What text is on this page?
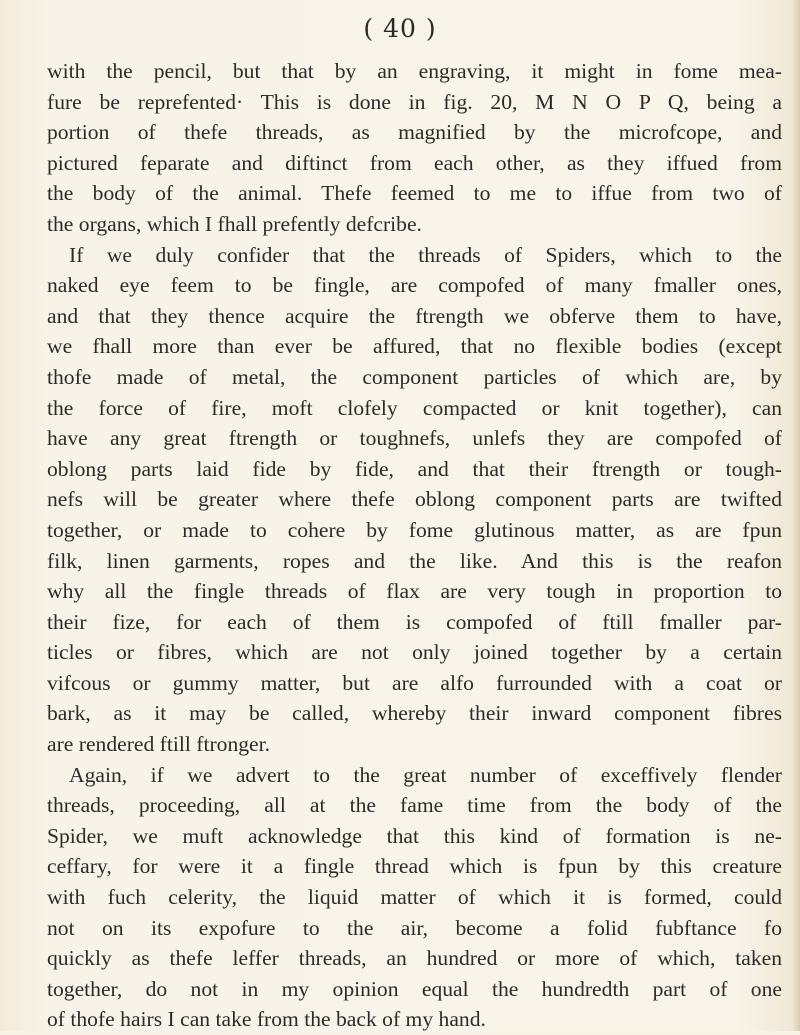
( 40 )
with the pencil, but that by an engraving, it might in fome mea-
fure be reprefented· This is done in fig. 20, M N O P Q, being a
portion of thefe threads, as magnified by the microfcope, and
pictured feparate and diftinct from each other, as they iffued from
the body of the animal. Thefe feemed to me to iffue from two of
the organs, which I fhall prefently defcribe.
If we duly confider that the threads of Spiders, which to the
naked eye feem to be fingle, are compofed of many fmaller ones,
and that they thence acquire the ftrength we obferve them to have,
we fhall more than ever be affured, that no flexible bodies (except
thofe made of metal, the component particles of which are, by
the force of fire, moft clofely compacted or knit together), can
have any great ftrength or toughnefs, unlefs they are compofed of
oblong parts laid fide by fide, and that their ftrength or tough-
nefs will be greater where thefe oblong component parts are twifted
together, or made to cohere by fome glutinous matter, as are fpun
filk, linen garments, ropes and the like. And this is the reafon
why all the fingle threads of flax are very tough in proportion to
their fize, for each of them is compofed of ftill fmaller par-
ticles or fibres, which are not only joined together by a certain
vifcous or gummy matter, but are alfo furrounded with a coat or
bark, as it may be called, whereby their inward component fibres
are rendered ftill ftronger.
Again, if we advert to the great number of exceffively flender
threads, proceeding, all at the fame time from the body of the
Spider, we muft acknowledge that this kind of formation is ne-
ceffary, for were it a fingle thread which is fpun by this creature
with fuch celerity, the liquid matter of which it is formed, could
not on its expofure to the air, become a folid fubftance fo
quickly as thefe leffer threads, an hundred or more of which, taken
together, do not in my opinion equal the hundredth part of one
of thofe hairs I can take from the back of my hand.
